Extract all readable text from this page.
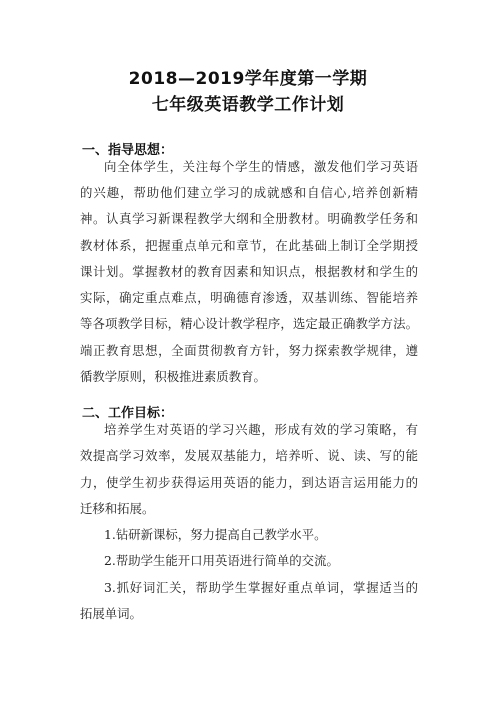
2018—2019学年度第一学期
七年级英语教学工作计划
一、指导思想：
向全体学生，关注每个学生的情感，激发他们学习英语
的兴趣，帮助他们建立学习的成就感和自信心,培养创新精
神。认真学习新课程教学大纲和全册教材。明确教学任务和
教材体系，把握重点单元和章节，在此基础上制订全学期授
课计划。掌握教材的教育因素和知识点，根据教材和学生的
实际，确定重点难点，明确德育渗透，双基训练、智能培养
等各项教学目标，精心设计教学程序，选定最正确教学方法。
端正教育思想，全面贯彻教育方针，努力探索教学规律，遵
循教学原则，积极推进素质教育。
二、工作目标：
培养学生对英语的学习兴趣，形成有效的学习策略，有
效提高学习效率，发展双基能力，培养听、说、读、写的能
力，使学生初步获得运用英语的能力，到达语言运用能力的
迁移和拓展。
1.钻研新课标，努力提高自己教学水平。
2.帮助学生能开口用英语进行简单的交流。
3.抓好词汇关，帮助学生掌握好重点单词，掌握适当的
拓展单词。
